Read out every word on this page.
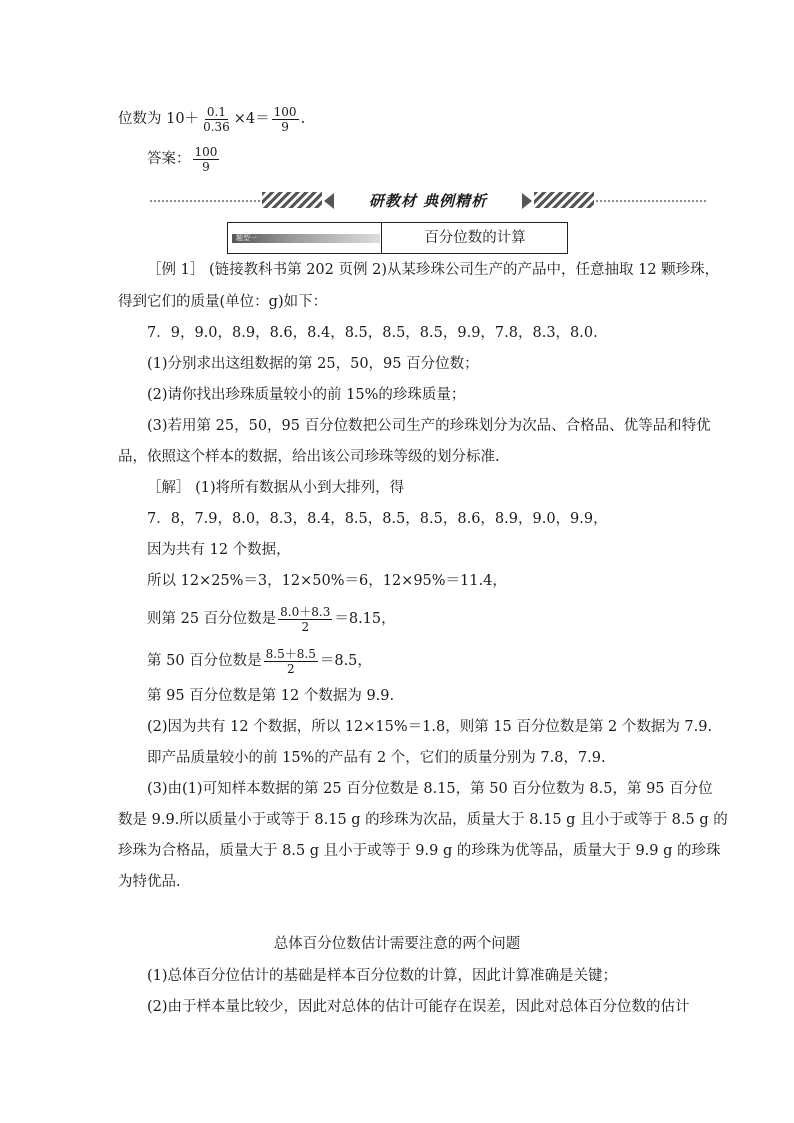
位数为 $10+ \frac{0.1}{0.36} \times 4= \frac{100}{9}$ .
答案： $\frac{100}{9}$
研教材 典例精析
题型一	百分位数的计算
［例 1］ (链接教科书第 202 页例 2)从某珍珠公司生产的产品中，任意抽取 12 颗珍珠，
得到它们的质量(单位：g)如下：
7．9，9.0，8.9，8.6，8.4，8.5，8.5，8.5，9.9，7.8，8.3，8.0.
(1)分别求出这组数据的第 25，50，95 百分位数；
(2)请你找出珍珠质量较小的前 15%的珍珠质量；
(3)若用第 25，50，95 百分位数把公司生产的珍珠划分为次品、合格品、优等品和特优
品，依照这个样本的数据，给出该公司珍珠等级的划分标准.
［解］ (1)将所有数据从小到大排列，得
7．8，7.9，8.0，8.3，8.4，8.5，8.5，8.5，8.6，8.9，9.0，9.9，
因为共有 12 个数据，
所以 12×25%＝3，12×50%＝6，12×95%＝11.4，
则第 25 百分位数是 $\frac{8.0+8.3}{2} =8.15$，
第 50 百分位数是 $\frac{8.5+8.5}{2} =8.5$，
第 95 百分位数是第 12 个数据为 9.9.
(2)因为共有 12 个数据，所以 12×15%＝1.8，则第 15 百分位数是第 2 个数据为 7.9.
即产品质量较小的前 15%的产品有 2 个，它们的质量分别为 7.8，7.9.
(3)由(1)可知样本数据的第 25 百分位数是 8.15，第 50 百分位数为 8.5，第 95 百分位
数是 9.9.所以质量小于或等于 8.15 g 的珍珠为次品，质量大于 8.15 g 且小于或等于 8.5 g 的
珍珠为合格品，质量大于 8.5 g 且小于或等于 9.9 g 的珍珠为优等品，质量大于 9.9 g 的珍珠
为特优品.
总体百分位数估计需要注意的两个问题
(1)总体百分位估计的基础是样本百分位数的计算，因此计算准确是关键；
(2)由于样本量比较少，因此对总体的估计可能存在误差，因此对总体百分位数的估计
